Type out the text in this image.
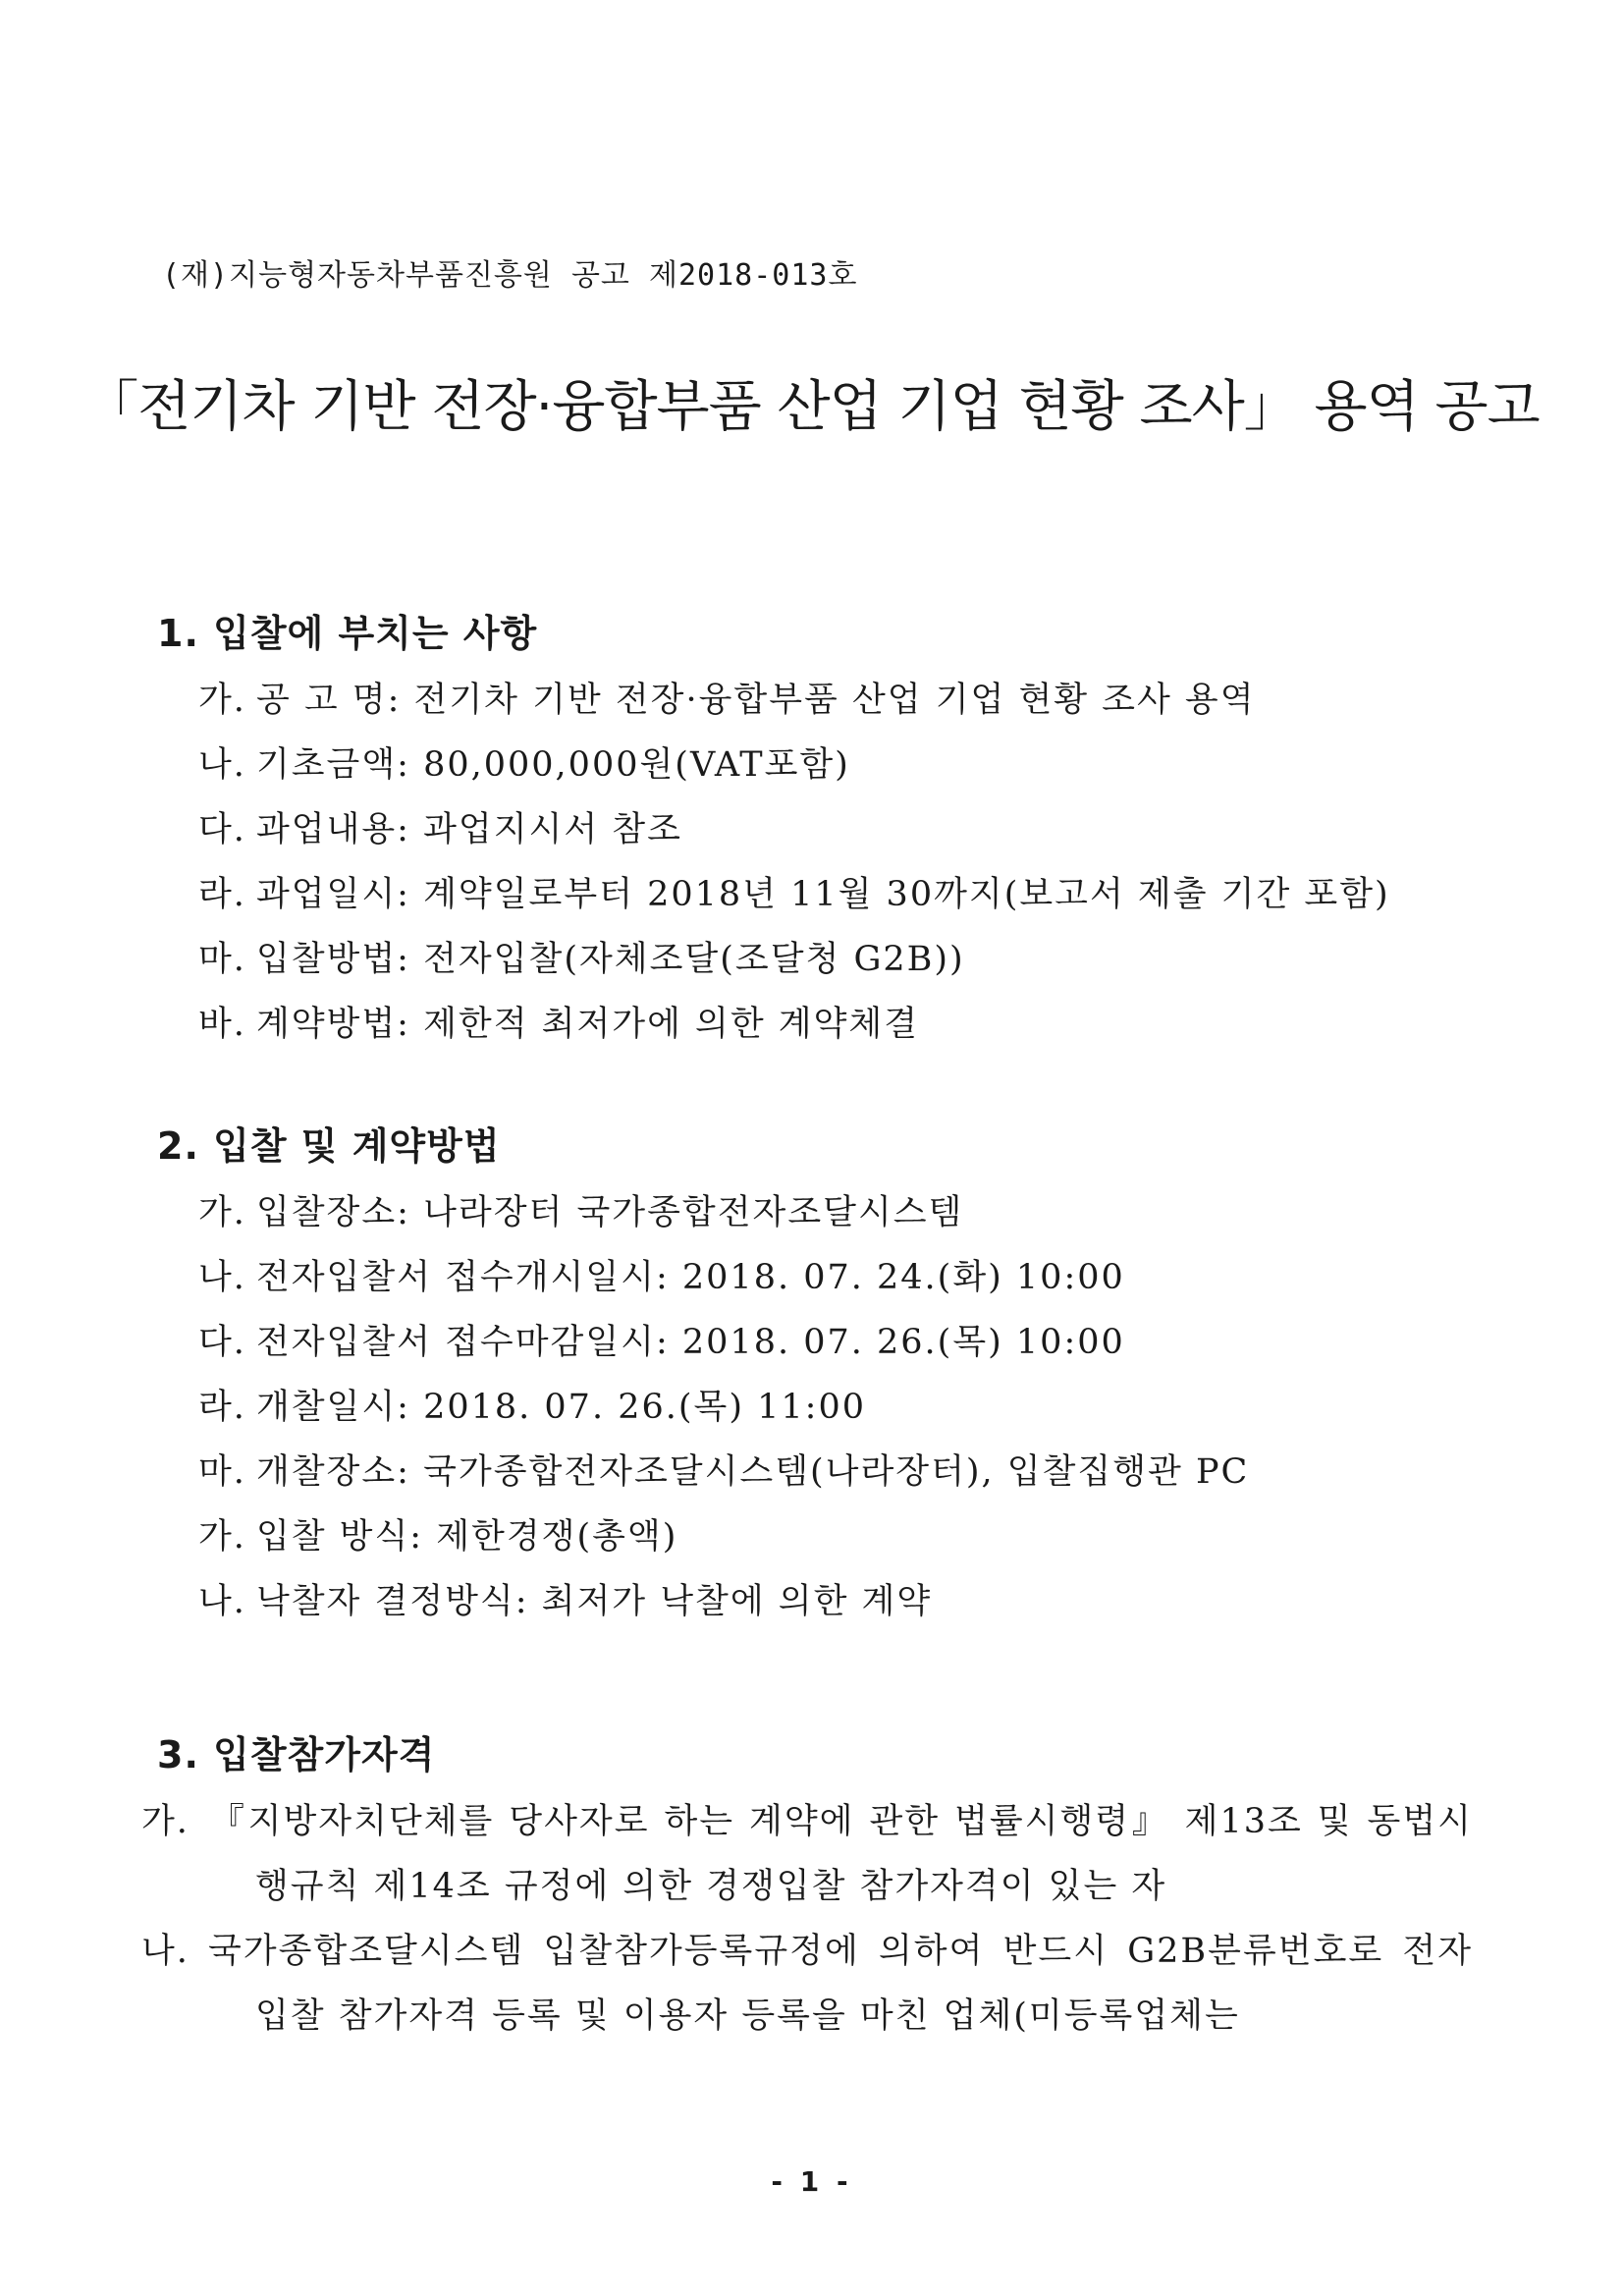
(재)지능형자동차부품진흥원 공고 제2018-013호
「전기차 기반 전장·융합부품 산업 기업 현황 조사」 용역 공고
1. 입찰에 부치는 사항
가. 공 고 명: 전기차 기반 전장·융합부품 산업 기업 현황 조사 용역
나. 기초금액: 80,000,000원(VAT포함)
다. 과업내용: 과업지시서 참조
라. 과업일시: 계약일로부터 2018년 11월 30까지(보고서 제출 기간 포함)
마. 입찰방법: 전자입찰(자체조달(조달청 G2B))
바. 계약방법: 제한적 최저가에 의한 계약체결
2. 입찰 및 계약방법
가. 입찰장소: 나라장터 국가종합전자조달시스템
나. 전자입찰서 접수개시일시: 2018. 07. 24.(화) 10:00
다. 전자입찰서 접수마감일시: 2018. 07. 26.(목) 10:00
라. 개찰일시: 2018. 07. 26.(목) 11:00
마. 개찰장소: 국가종합전자조달시스템(나라장터), 입찰집행관 PC
가. 입찰 방식: 제한경쟁(총액)
나. 낙찰자 결정방식: 최저가 낙찰에 의한 계약
3. 입찰참가자격
가. 『지방자치단체를 당사자로 하는 계약에 관한 법률시행령』 제13조 및 동법시행규칙 제14조 규정에 의한 경쟁입찰 참가자격이 있는 자
나. 국가종합조달시스템 입찰참가등록규정에 의하여 반드시 G2B분류번호로 전자입찰 참가자격 등록 및 이용자 등록을 마친 업체(미등록업체는
- 1 -
